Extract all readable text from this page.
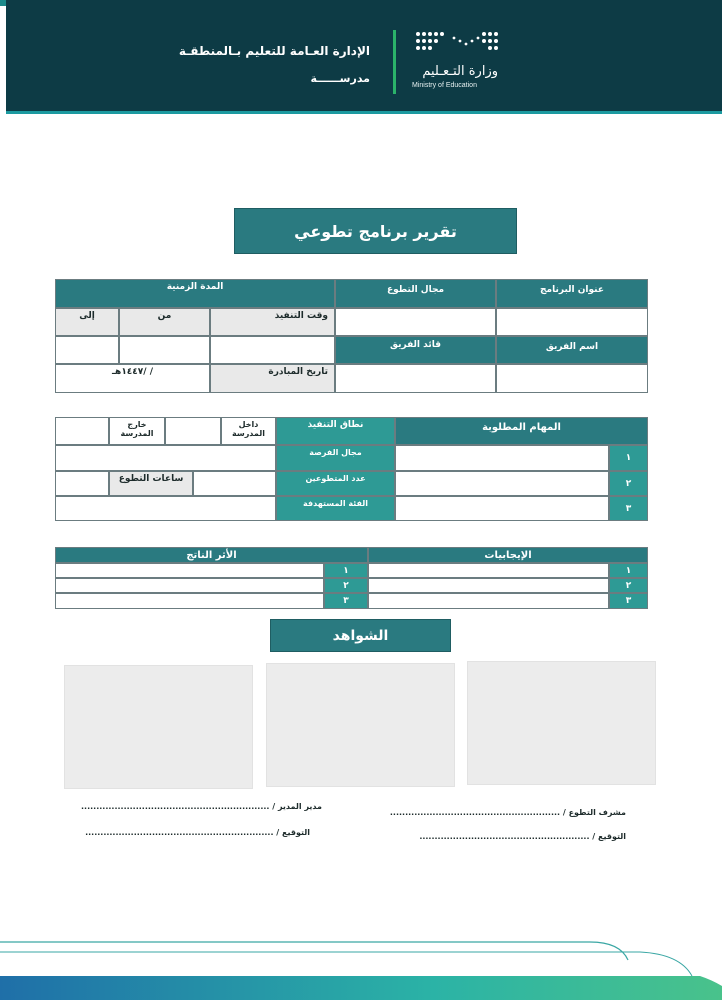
الإدارة العـامة للتعليم بـالمنطقـة
مدرســــــة	وزارة التـعـليم
Ministry of Education
تقرير برنامج تطوعي
عنوان البرنامج
مجال التطوع
المدة الزمنية
وقت التنفيذ
من
إلى
اسم الفريق
قائد الفريق
تاريخ المبادرة
/ /١٤٤٧هـ
المهام المطلوبة
نطاق التنفيذ
داخل المدرسة
خارج المدرسة
١
مجال الفرصة
٢
عدد المتطوعين
ساعات التطوع
٣
الفئة المستهدفة
الإيجابيات
الأثر الناتج
١
١
٢
٢
٣
٣
الشواهد
مشرف التطوع / ........................................................
التوقيع / ........................................................
مدير المدير / ..............................................................
التوقيع / ..............................................................
